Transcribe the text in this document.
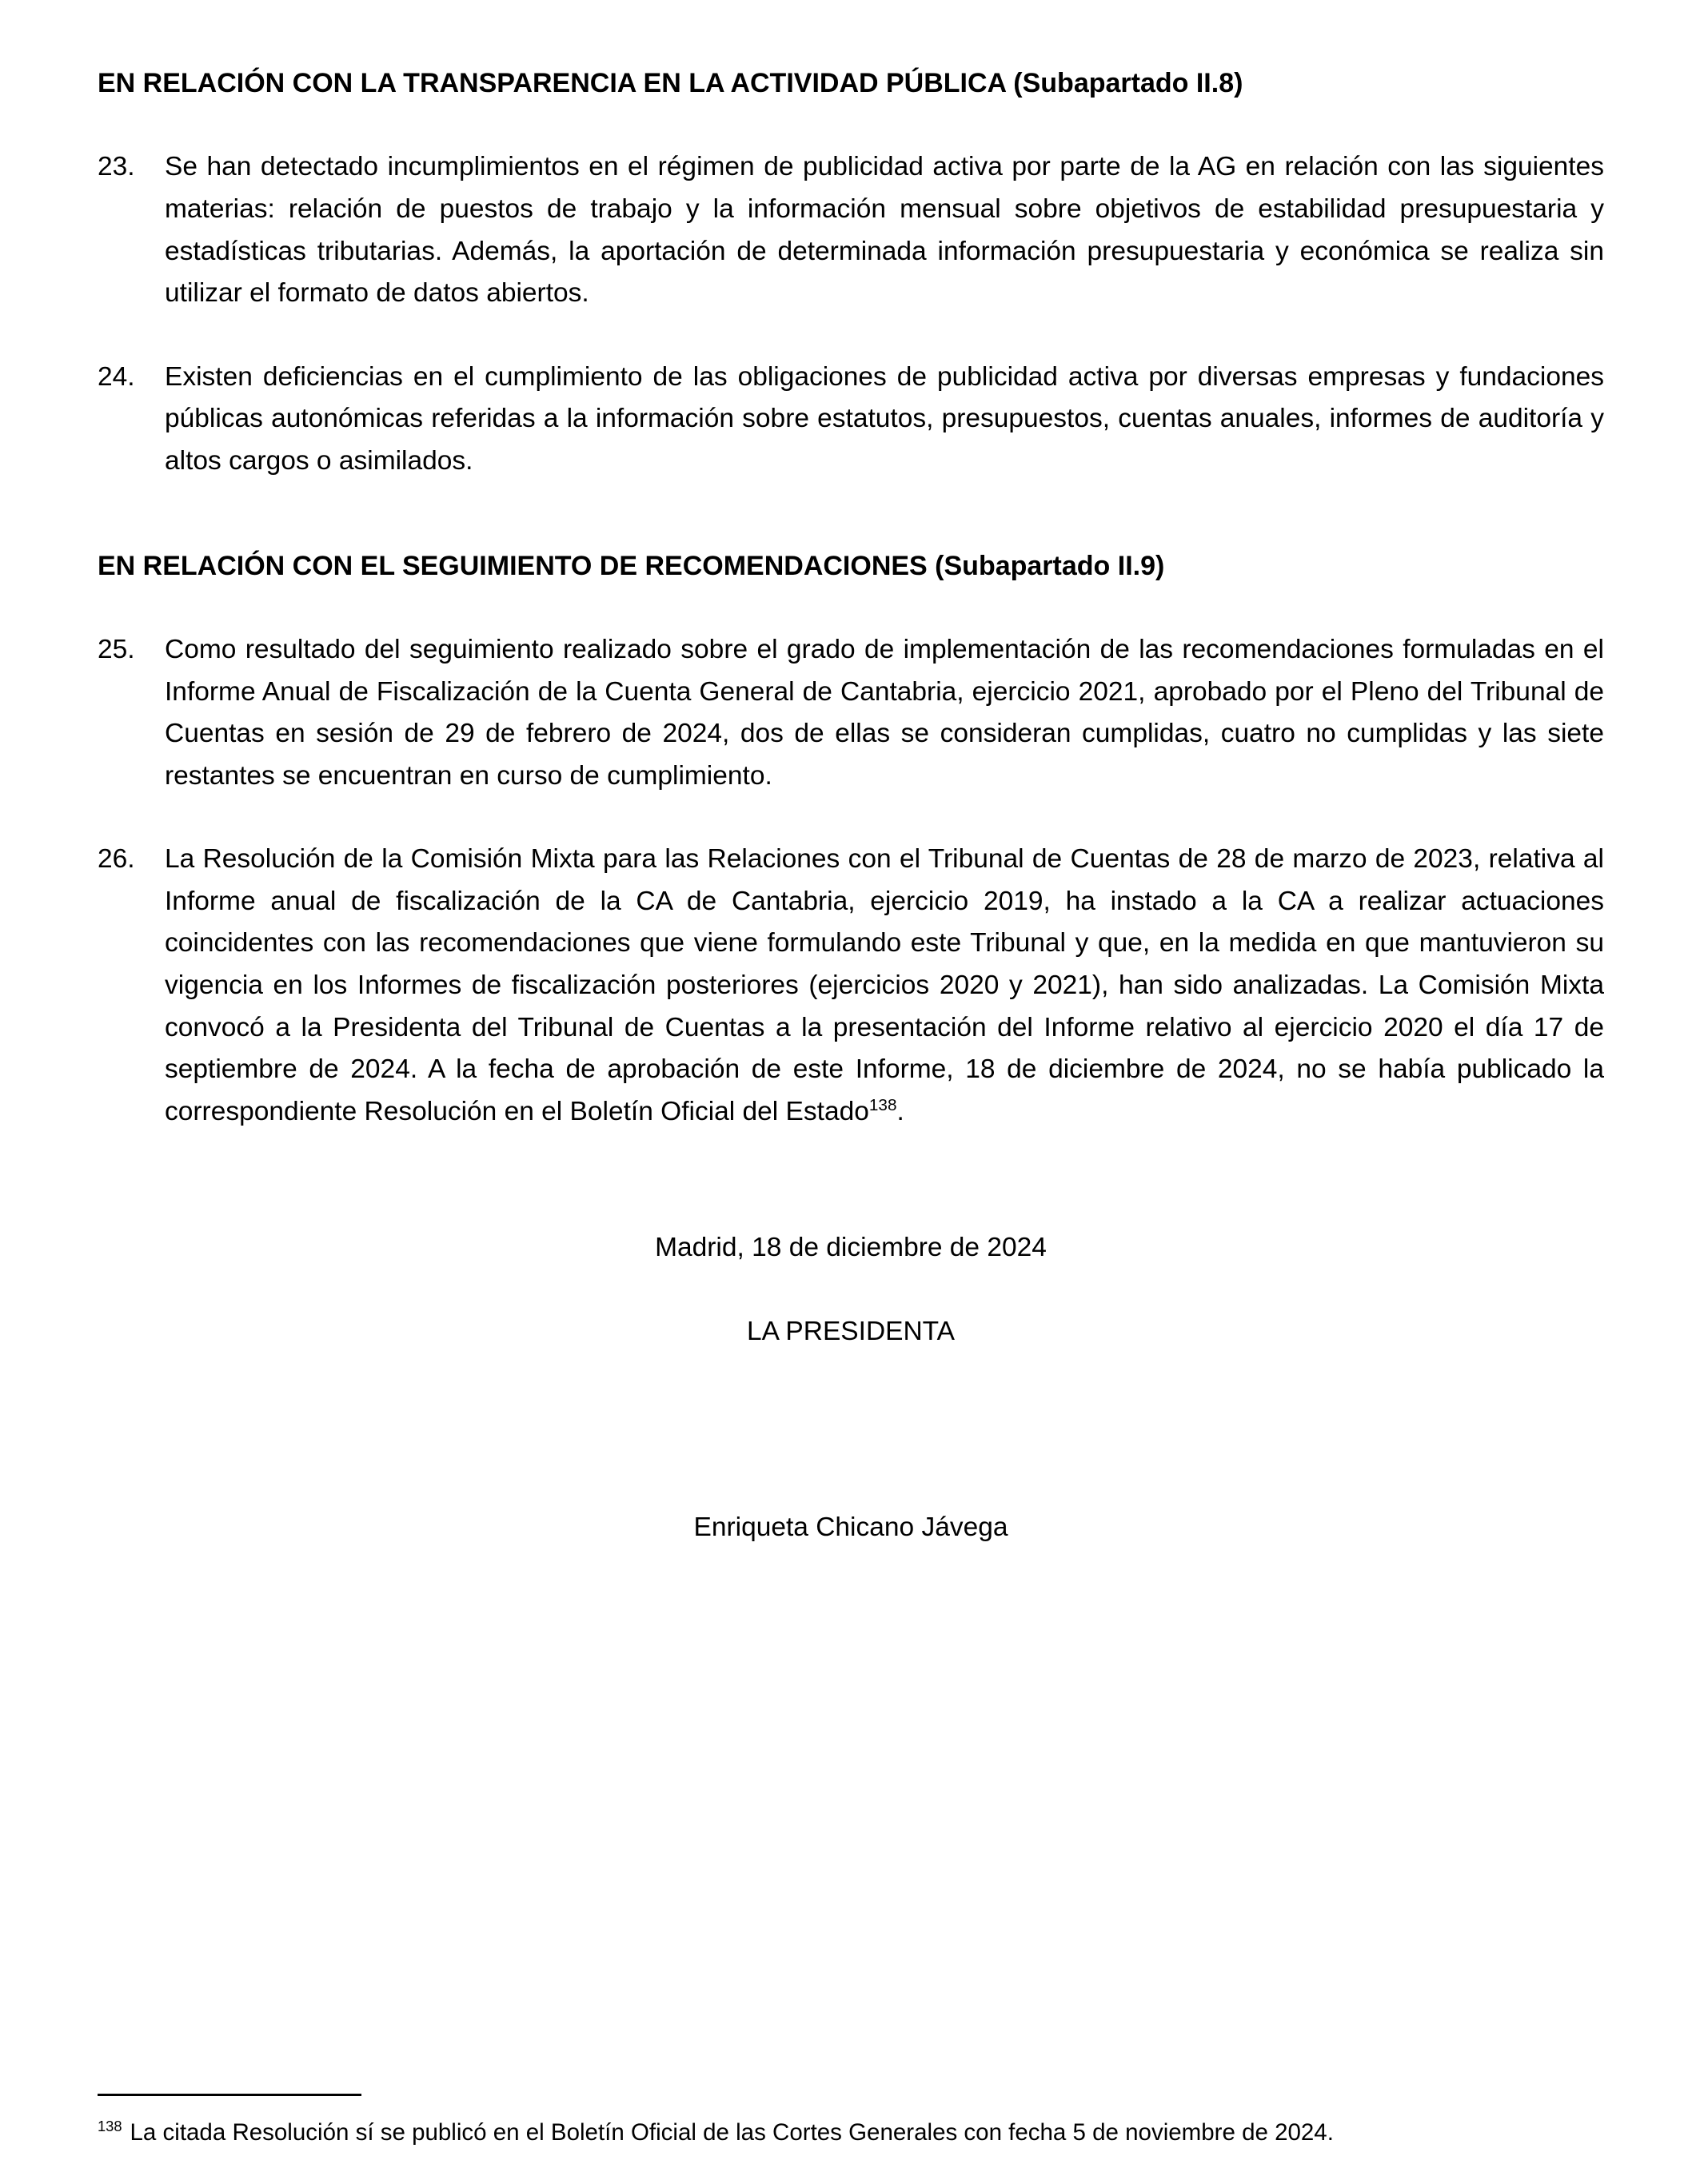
EN RELACIÓN CON LA TRANSPARENCIA EN LA ACTIVIDAD PÚBLICA (Subapartado II.8)
23.	Se han detectado incumplimientos en el régimen de publicidad activa por parte de la AG en relación con las siguientes materias: relación de puestos de trabajo y la información mensual sobre objetivos de estabilidad presupuestaria y estadísticas tributarias. Además, la aportación de determinada información presupuestaria y económica se realiza sin utilizar el formato de datos abiertos.

24.	Existen deficiencias en el cumplimiento de las obligaciones de publicidad activa por diversas empresas y fundaciones públicas autonómicas referidas a la información sobre estatutos, presupuestos, cuentas anuales, informes de auditoría y altos cargos o asimilados.

EN RELACIÓN CON EL SEGUIMIENTO DE RECOMENDACIONES (Subapartado II.9)
25.	Como resultado del seguimiento realizado sobre el grado de implementación de las recomendaciones formuladas en el Informe Anual de Fiscalización de la Cuenta General de Cantabria, ejercicio 2021, aprobado por el Pleno del Tribunal de Cuentas en sesión de 29 de febrero de 2024, dos de ellas se consideran cumplidas, cuatro no cumplidas y las siete restantes se encuentran en curso de cumplimiento.

26.	La Resolución de la Comisión Mixta para las Relaciones con el Tribunal de Cuentas de 28 de marzo de 2023, relativa al Informe anual de fiscalización de la CA de Cantabria, ejercicio 2019, ha instado a la CA a realizar actuaciones coincidentes con las recomendaciones que viene formulando este Tribunal y que, en la medida en que mantuvieron su vigencia en los Informes de fiscalización posteriores (ejercicios 2020 y 2021), han sido analizadas. La Comisión Mixta convocó a la Presidenta del Tribunal de Cuentas a la presentación del Informe relativo al ejercicio 2020 el día 17 de septiembre de 2024. A la fecha de aprobación de este Informe, 18 de diciembre de 2024, no se había publicado la correspondiente Resolución en el Boletín Oficial del Estado$^{138}$.

Madrid, 18 de diciembre de 2024
LA PRESIDENTA
Enriqueta Chicano Jávega
$^{138}$ La citada Resolución sí se publicó en el Boletín Oficial de las Cortes Generales con fecha 5 de noviembre de 2024.
